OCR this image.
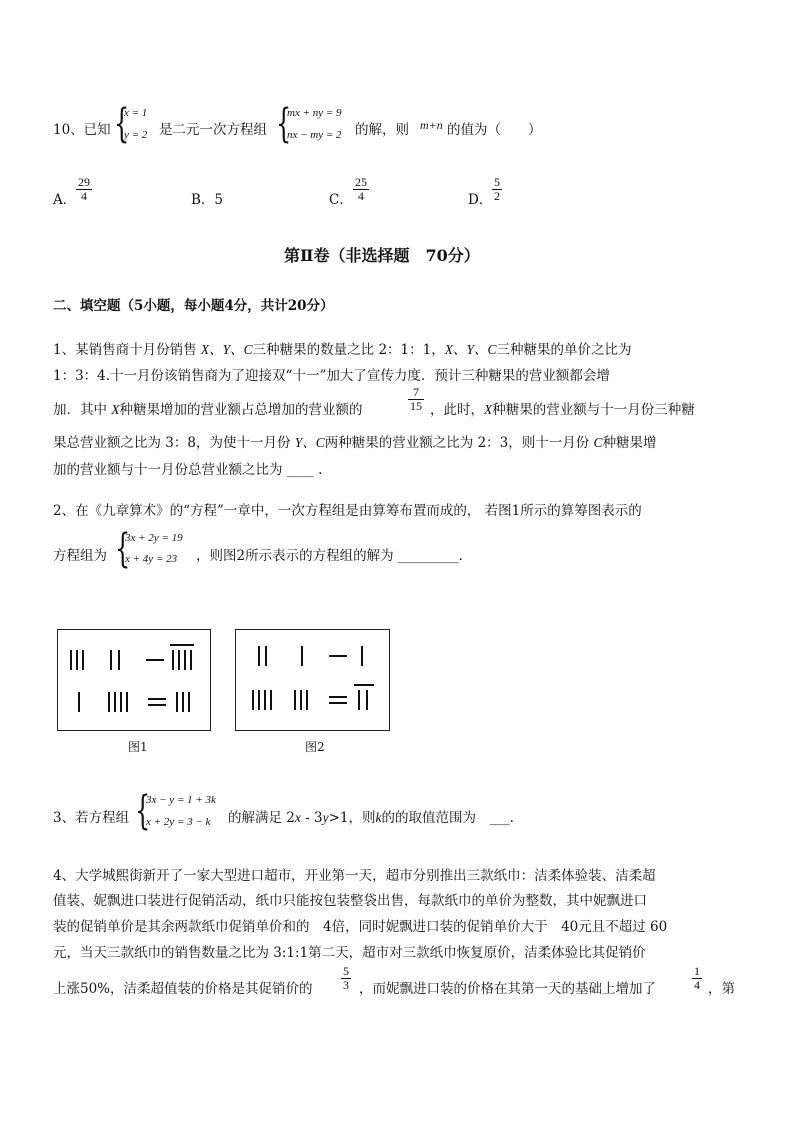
10、已知 {
x = 1
y = 2 是二元一次方程组 {
mx + ny = 9
nx − my = 2 的解，则 m+n 的值为（　　）
A．
29
4	B．5	C．
25
4	D．
5
2
第Ⅱ卷（非选择题　70分）
二、填空题（5小题，每小题4分，共计20分）
1、某销售商十月份销售 X、Y、C三种糖果的数量之比 2：1：1，X、Y、C三种糖果的单价之比为
1：3：4.十一月份该销售商为了迎接双“十一”加大了宣传力度．预计三种糖果的营业额都会增
加．其中 X种糖果增加的营业额占总增加的营业额的
7
15 ，此时，X种糖果的营业额与十一月份三种糖
果总营业额之比为 3：8，为使十一月份 Y、C两种糖果的营业额之比为 2：3，则十一月份 C种糖果增
加的营业额与十一月份总营业额之比为 ____ .
2、在《九章算术》的“方程”一章中，一次方程组是由算筹布置而成的， 若图1所示的算筹图表示的
方程组为 {
3x + 2y = 19
x + 4y = 23 ，则图2所示表示的方程组的解为 _________．
图1	图2
3、若方程组 {
3x − y = 1 + 3k
x + 2y = 3 − k 的解满足 2x - 3y>1，则k的的取值范围为　___．
4、大学城熙街新开了一家大型进口超市，开业第一天，超市分别推出三款纸巾：洁柔体验装、洁柔超
值装、妮飘进口装进行促销活动，纸巾只能按包装整袋出售，每款纸巾的单价为整数，其中妮飘进口
装的促销单价是其余两款纸巾促销单价和的　4倍，同时妮飘进口装的促销单价大于　40元且不超过 60
元，当天三款纸巾的销售数量之比为 3:1:1第二天，超市对三款纸巾恢复原价，洁柔体验比其促销价
上涨50%，洁柔超值装的价格是其促销价的
5
3 ，而妮飘进口装的价格在其第一天的基础上增加了
1
4 ，第
